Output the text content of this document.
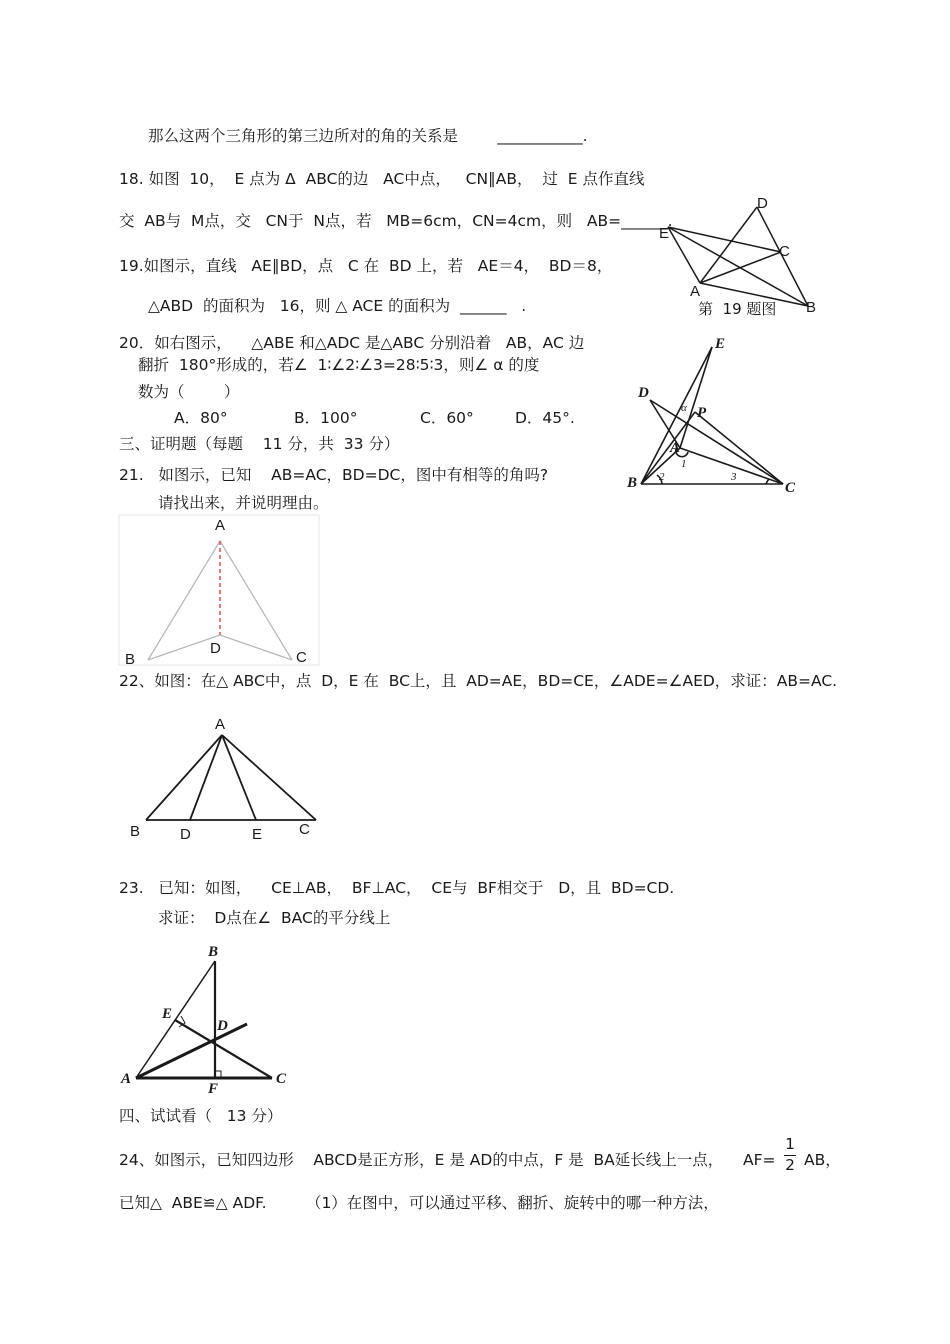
那么这两个三角形的第三边所对的角的关系是        ___________.
18. 如图  10，  E 点为 Δ  ABC的边   AC中点，   CN∥AB，  过  E 点作直线
交  AB与  M点，交   CN于  N点，若   MB=6cm，CN=4cm，则   AB=______.
19.如图示，直线   AE∥BD，点   C 在  BD 上，若   AE＝4，  BD＝8，
△ABD  的面积为   16，则 △ ACE 的面积为  ______   .
20．如右图示，    △ABE 和△ADC 是△ABC 分别沿着   AB，AC 边
翻折  180°形成的，若∠  1∶∠2∶∠3=28∶5∶3，则∠ α 的度
数为（        ）
A．80°	B．100°	C．60°	D．45°.
三、证明题（每题    11 分，共  33 分）
21.   如图示，已知    AB=AC，BD=DC，图中有相等的角吗?
请找出来，并说明理由。
22、如图：在△ ABC中，点  D，E 在  BC上，且  AD=AE，BD=CE，∠ADE=∠AED，求证：AB=AC.
23.   已知：如图，    CE⊥AB，  BF⊥AC，  CE与  BF相交于   D，且  BD=CD.
求证：  D点在∠  BAC的平分线上
四、试试看（   13 分）
24、如图示，已知四边形    ABCD是正方形，E 是 AD的中点，F 是  BA延长线上一点，    AF=
1
2 AB，
已知△  ABE≌△ ADF.        （1）在图中，可以通过平移、翻折、旋转中的哪一种方法，
D
E
C
A
B
第  19 题图
E
D
α P
A
1
B 2	3
C
A
B	C
D
A
B	D	E C
B
E
D
A
F
C
